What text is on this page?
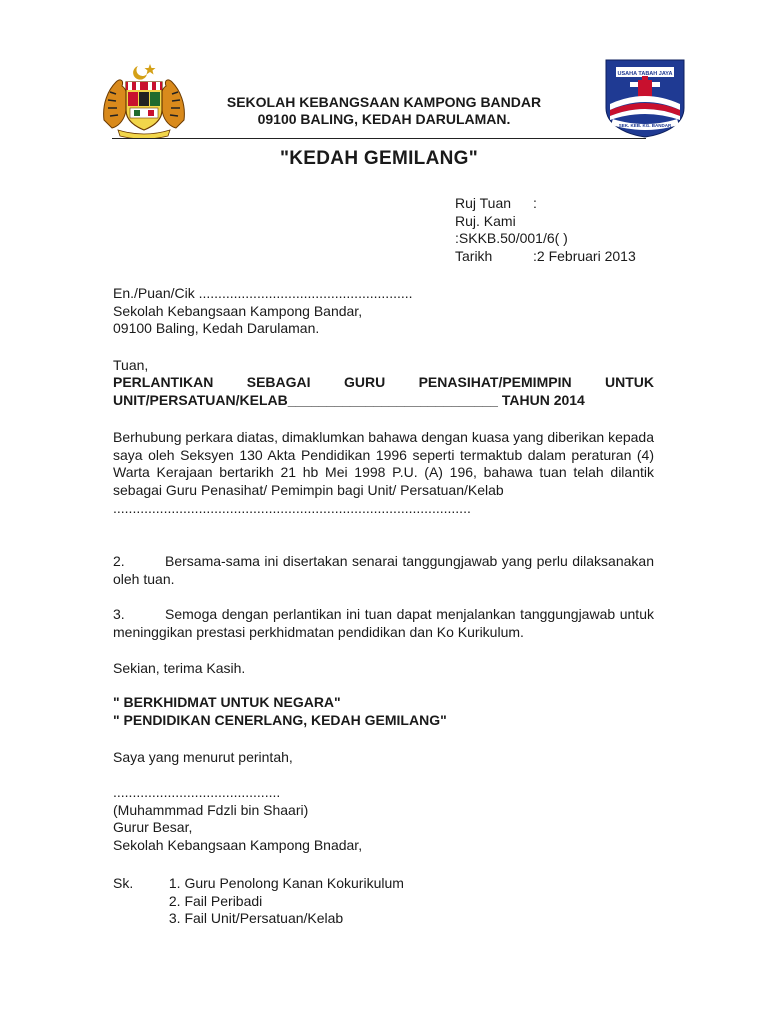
USAHA TABAH JAYA
SEK. KEB. KG. BANDAR
SEKOLAH KEBANGSAAN KAMPONG BANDAR
09100 BALING, KEDAH DARULAMAN.
"KEDAH GEMILANG"
Ruj Tuan	:
Ruj. Kami
:SKKB.50/001/6( )
Tarikh	:2 Februari 2013
En./Puan/Cik .......................................................
Sekolah Kebangsaan Kampong Bandar,
09100 Baling, Kedah Darulaman.
Tuan,
PERLANTIKAN SEBAGAI GURU PENASIHAT/PEMIMPIN UNTUK
UNIT/PERSATUAN/KELAB___________________________ TAHUN 2014
Berhubung perkara diatas, dimaklumkan bahawa dengan kuasa yang diberikan kepada saya oleh Seksyen 130 Akta Pendidikan 1996 seperti termaktub dalam peraturan (4) Warta Kerajaan bertarikh 21 hb Mei 1998 P.U. (A) 196, bahawa tuan telah dilantik sebagai Guru Penasihat/ Pemimpin bagi Unit/ Persatuan/Kelab
............................................................................................
2.	Bersama-sama ini disertakan senarai tanggungjawab yang perlu dilaksanakan oleh tuan.
3.	Semoga dengan perlantikan ini tuan dapat menjalankan tanggungjawab untuk meninggikan prestasi perkhidmatan pendidikan dan Ko Kurikulum.
Sekian, terima Kasih.
" BERKHIDMAT UNTUK NEGARA"
" PENDIDIKAN CENERLANG, KEDAH GEMILANG"
Saya yang menurut perintah,
...........................................
(Muhammmad Fdzli bin Shaari)
Gurur Besar,
Sekolah Kebangsaan Kampong Bnadar,
Sk.	1. Guru Penolong Kanan Kokurikulum
2. Fail Peribadi
3. Fail Unit/Persatuan/Kelab
